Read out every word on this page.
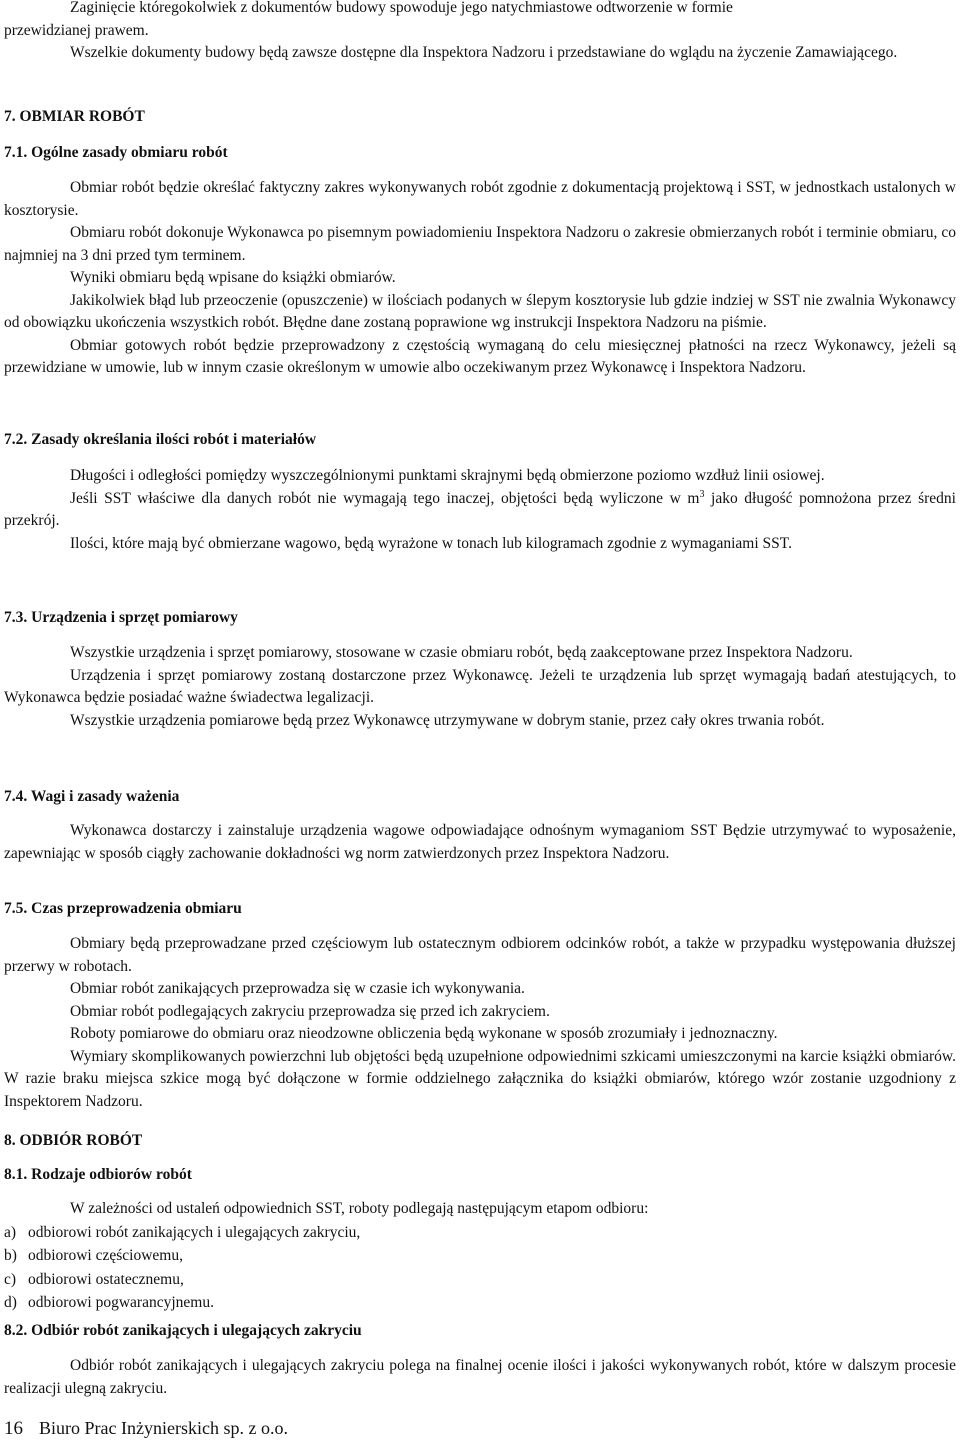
Zaginięcie któregokolwiek z dokumentów budowy spowoduje jego natychmiastowe odtworzenie w formie
przewidzianej prawem.

Wszelkie dokumenty budowy będą zawsze dostępne dla Inspektora Nadzoru i przedstawiane do wglądu na życzenie Zamawiającego.

7. OBMIAR ROBÓT
7.1. Ogólne zasady obmiaru robót

Obmiar robót będzie określać faktyczny zakres wykonywanych robót zgodnie z dokumentacją projektową i SST, w jednostkach ustalonych w kosztorysie.

Obmiaru robót dokonuje Wykonawca po pisemnym powiadomieniu Inspektora Nadzoru o zakresie obmierzanych robót i terminie obmiaru, co najmniej na 3 dni przed tym terminem.

Wyniki obmiaru będą wpisane do książki obmiarów.

Jakikolwiek błąd lub przeoczenie (opuszczenie) w ilościach podanych w ślepym kosztorysie lub gdzie indziej w SST nie zwalnia Wykonawcy od obowiązku ukończenia wszystkich robót. Błędne dane zostaną poprawione wg instrukcji Inspektora Nadzoru na piśmie.

Obmiar gotowych robót będzie przeprowadzony z częstością wymaganą do celu miesięcznej płatności na rzecz Wykonawcy, jeżeli są przewidziane w umowie, lub w innym czasie określonym w umowie albo oczekiwanym przez Wykonawcę i Inspektora Nadzoru.

7.2. Zasady określania ilości robót i materiałów

Długości i odległości pomiędzy wyszczególnionymi punktami skrajnymi będą obmierzone poziomo wzdłuż linii osiowej.

Jeśli SST właściwe dla danych robót nie wymagają tego inaczej, objętości będą wyliczone w $m^3$ jako długość pomnożona przez średni przekrój.

Ilości, które mają być obmierzane wagowo, będą wyrażone w tonach lub kilogramach zgodnie z wymaganiami SST.

7.3. Urządzenia i sprzęt pomiarowy

Wszystkie urządzenia i sprzęt pomiarowy, stosowane w czasie obmiaru robót, będą zaakceptowane przez Inspektora Nadzoru.

Urządzenia i sprzęt pomiarowy zostaną dostarczone przez Wykonawcę. Jeżeli te urządzenia lub sprzęt wymagają badań atestujących, to Wykonawca będzie posiadać ważne świadectwa legalizacji.

Wszystkie urządzenia pomiarowe będą przez Wykonawcę utrzymywane w dobrym stanie, przez cały okres trwania robót.

7.4. Wagi i zasady ważenia

Wykonawca dostarczy i zainstaluje urządzenia wagowe odpowiadające odnośnym wymaganiom SST Będzie utrzymywać to wyposażenie, zapewniając w sposób ciągły zachowanie dokładności wg norm zatwierdzonych przez Inspektora Nadzoru.

7.5. Czas przeprowadzenia obmiaru

Obmiary będą przeprowadzane przed częściowym lub ostatecznym odbiorem odcinków robót, a także w przypadku występowania dłuższej przerwy w robotach.

Obmiar robót zanikających przeprowadza się w czasie ich wykonywania.

Obmiar robót podlegających zakryciu przeprowadza się przed ich zakryciem.

Roboty pomiarowe do obmiaru oraz nieodzowne obliczenia będą wykonane w sposób zrozumiały i jednoznaczny.

Wymiary skomplikowanych powierzchni lub objętości będą uzupełnione odpowiednimi szkicami umieszczonymi na karcie książki obmiarów. W razie braku miejsca szkice mogą być dołączone w formie oddzielnego załącznika do książki obmiarów, którego wzór zostanie uzgodniony z Inspektorem Nadzoru.

8. ODBIÓR ROBÓT
8.1. Rodzaje odbiorów robót

W zależności od ustaleń odpowiednich SST, roboty podlegają następującym etapom odbioru:

a) odbiorowi robót zanikających i ulegających zakryciu,
b) odbiorowi częściowemu,
c) odbiorowi ostatecznemu,
d) odbiorowi pogwarancyjnemu.
8.2. Odbiór robót zanikających i ulegających zakryciu

Odbiór robót zanikających i ulegających zakryciu polega na finalnej ocenie ilości i jakości wykonywanych robót, które w dalszym procesie realizacji ulegną zakryciu.

16 Biuro Prac Inżynierskich sp. z o.o.
